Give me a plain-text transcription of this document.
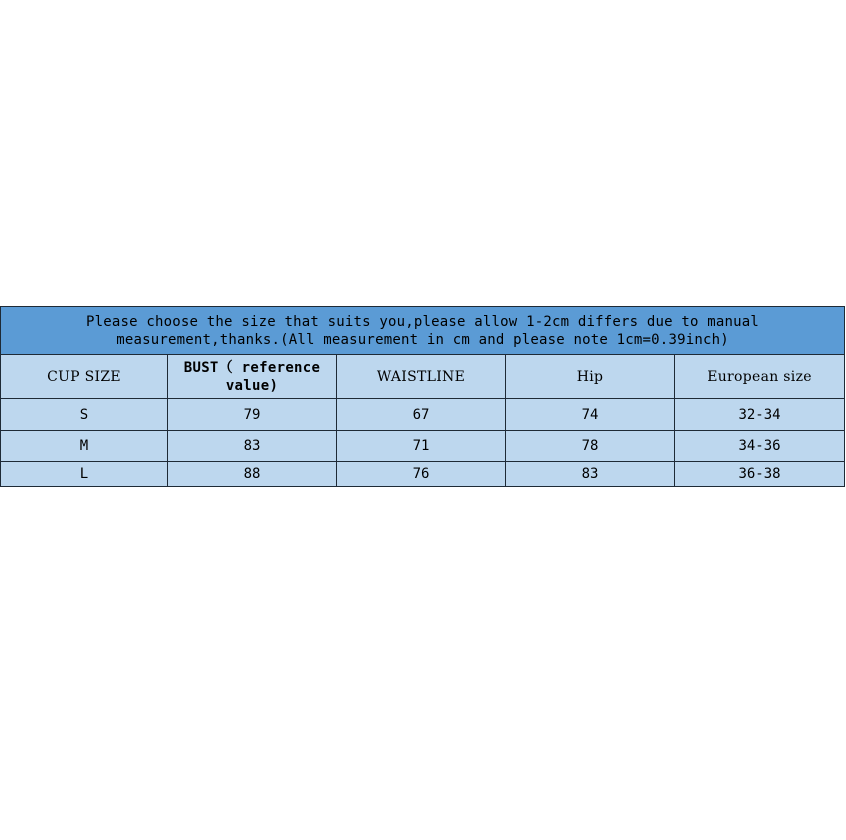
Please choose the size that suits you,please allow 1-2cm differs due to manual measurement,thanks.(All measurement in cm and please note 1cm=0.39inch)				
CUP SIZE	BUST（ reference value)	WAISTLINE	Hip	European size
S	79	67	74	32-34
M	83	71	78	34-36
L	88	76	83	36-38
